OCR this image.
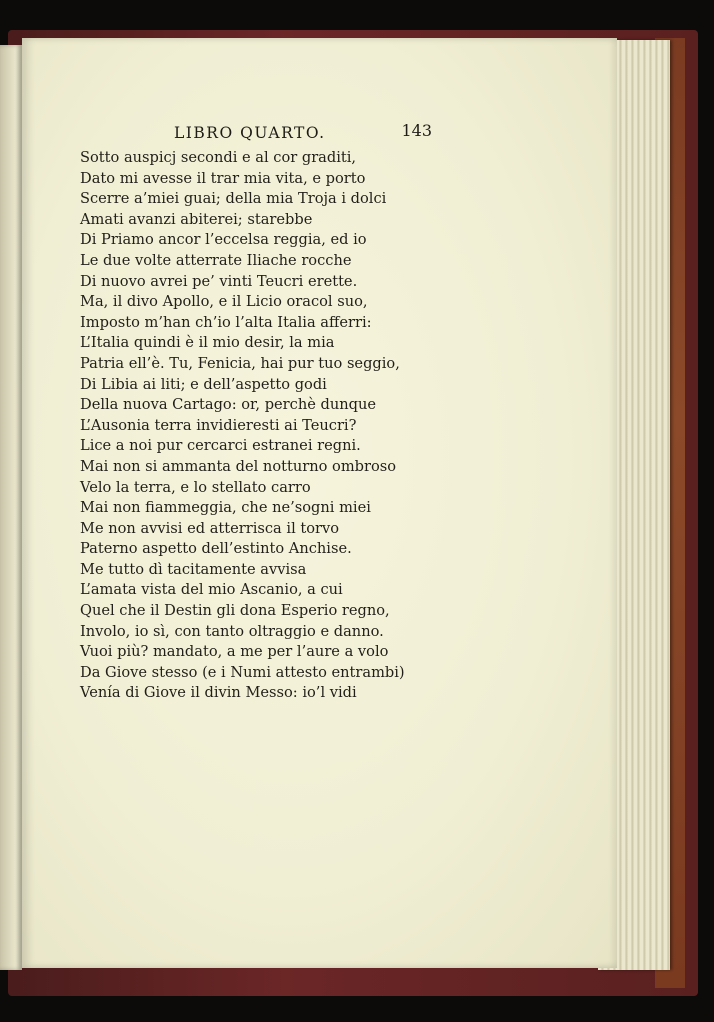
LIBRO QUARTO.	143
Sotto auspicj secondi e al cor graditi,
Dato mi avesse il trar mia vita, e porto
Scerre a’miei guai; della mia Troja i dolci
Amati avanzi abiterei; starebbe
Di Priamo ancor l’eccelsa reggia, ed io
Le due volte atterrate Iliache rocche
Di nuovo avrei pe’ vinti Teucri erette.
Ma, il divo Apollo, e il Licio oracol suo,
Imposto m’han ch’io l’alta Italia afferri:
L’Italia quindi è il mio desir, la mia
Patria ell’è. Tu, Fenicia, hai pur tuo seggio,
Di Libia ai liti; e dell’aspetto godi
Della nuova Cartago: or, perchè dunque
L’Ausonia terra invidieresti ai Teucri?
Lice a noi pur cercarci estranei regni.
Mai non si ammanta del notturno ombroso
Velo la terra, e lo stellato carro
Mai non fiammeggia, che ne’sogni miei
Me non avvisi ed atterrisca il torvo
Paterno aspetto dell’estinto Anchise.
Me tutto dì tacitamente avvisa
L’amata vista del mio Ascanio, a cui
Quel che il Destin gli dona Esperio regno,
Involo, io sì, con tanto oltraggio e danno.
Vuoi più? mandato, a me per l’aure a volo
Da Giove stesso (e i Numi attesto entrambi)
Venía di Giove il divin Messo: io’l vidi
